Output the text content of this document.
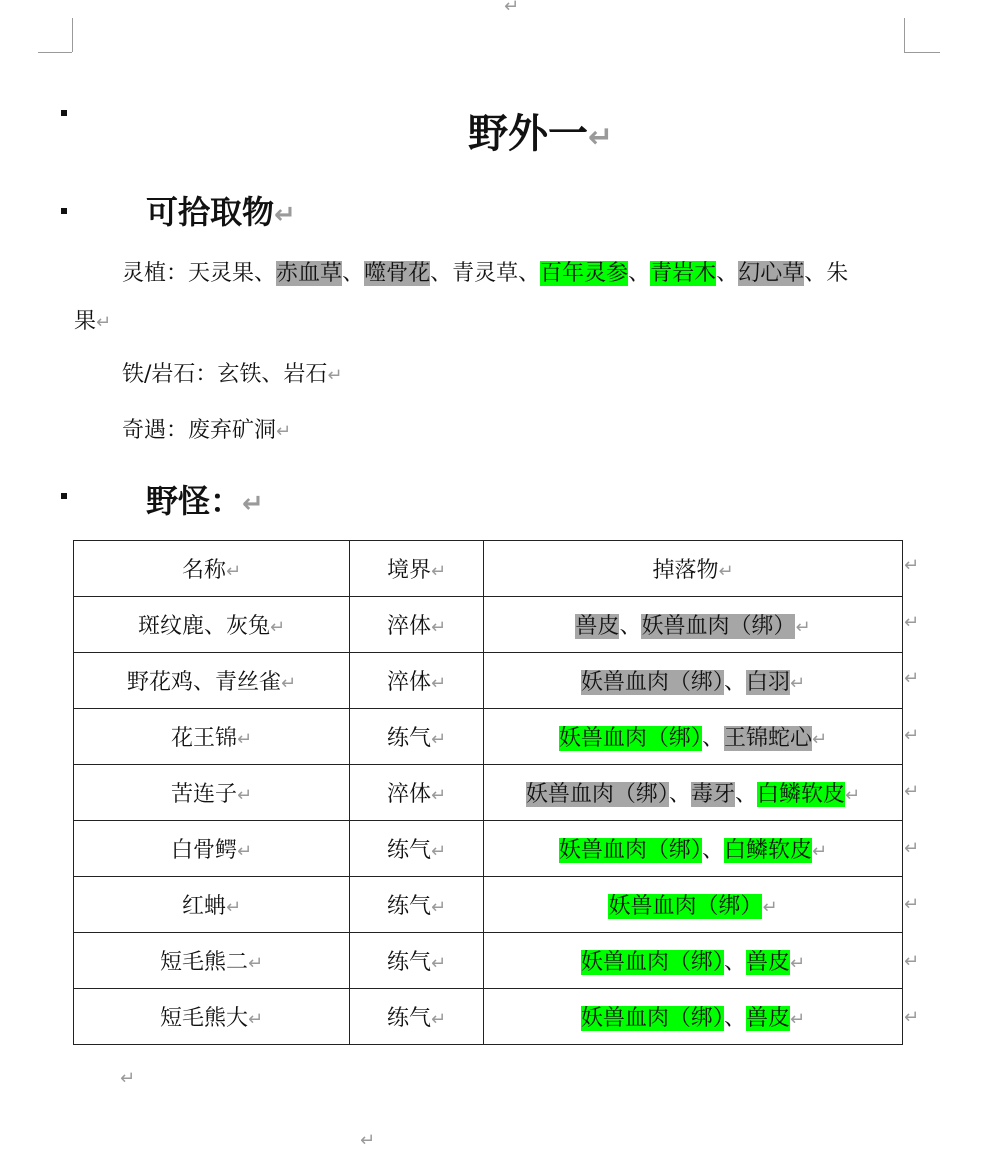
↵
野外一↵
可拾取物↵
灵植：天灵果、赤血草、噬骨花、青灵草、百年灵参、青岩木、幻心草、朱
果↵
铁/岩石：玄铁、岩石↵
奇遇：废弃矿洞↵
野怪：↵
名称↵	境界↵	掉落物↵
斑纹鹿、灰兔↵	淬体↵	兽皮、妖兽血肉（绑）↵
野花鸡、青丝雀↵	淬体↵	妖兽血肉（绑）、白羽↵
花王锦↵	练气↵	妖兽血肉（绑）、王锦蛇心↵
苦连子↵	淬体↵	妖兽血肉（绑）、毒牙、白鳞软皮↵
白骨鳄↵	练气↵	妖兽血肉（绑）、白鳞软皮↵
红蚺↵	练气↵	妖兽血肉（绑）↵
短毛熊二↵	练气↵	妖兽血肉（绑）、兽皮↵
短毛熊大↵	练气↵	妖兽血肉（绑）、兽皮↵
↵
↵
↵
↵
↵
↵
↵
↵
↵
↵
↵
